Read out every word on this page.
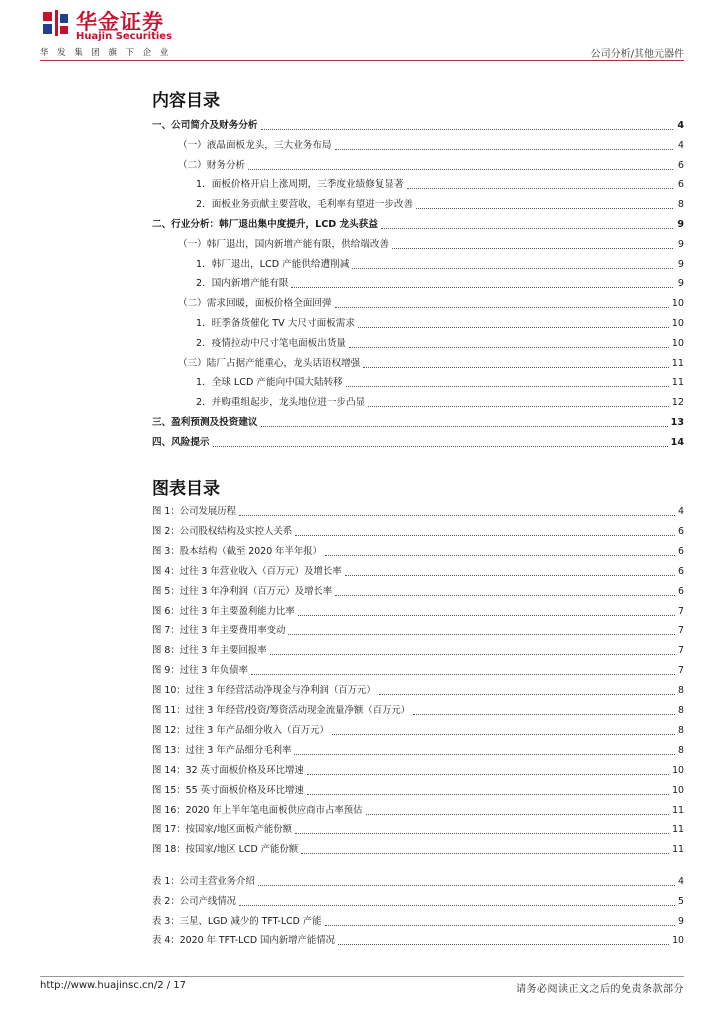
华金证券
Huajin Securities
华发集团旗下企业	公司分析/其他元器件
内容目录
一、公司简介及财务分析	4
（一）液晶面板龙头，三大业务布局	4
（二）财务分析	6
1．面板价格开启上涨周期，三季度业绩修复显著	6
2．面板业务贡献主要营收，毛利率有望进一步改善	8
二、行业分析：韩厂退出集中度提升，LCD 龙头获益	9
（一）韩厂退出，国内新增产能有限，供给端改善	9
1．韩厂退出，LCD 产能供给遭削减	9
2．国内新增产能有限	9
（二）需求回暖，面板价格全面回弹	10
1．旺季备货催化 TV 大尺寸面板需求	10
2．疫情拉动中尺寸笔电面板出货量	10
（三）陆厂占据产能重心，龙头话语权增强	11
1．全球 LCD 产能向中国大陆转移	11
2．并购重组起步，龙头地位进一步凸显	12
三、盈利预测及投资建议	13
四、风险提示	14
图表目录
图 1：公司发展历程	4
图 2：公司股权结构及实控人关系	6
图 3：股本结构（截至 2020 年半年报）	6
图 4：过往 3 年营业收入（百万元）及增长率	6
图 5：过往 3 年净利润（百万元）及增长率	6
图 6：过往 3 年主要盈利能力比率	7
图 7：过往 3 年主要费用率变动	7
图 8：过往 3 年主要回报率	7
图 9：过往 3 年负债率	7
图 10：过往 3 年经营活动净现金与净利润（百万元）	8
图 11：过往 3 年经营/投资/筹资活动现金流量净额（百万元）	8
图 12：过往 3 年产品细分收入（百万元）	8
图 13：过往 3 年产品细分毛利率	8
图 14：32 英寸面板价格及环比增速	10
图 15：55 英寸面板价格及环比增速	10
图 16：2020 年上半年笔电面板供应商市占率预估	11
图 17：按国家/地区面板产能份额	11
图 18：按国家/地区 LCD 产能份额	11
表 1：公司主营业务介绍	4
表 2：公司产线情况	5
表 3：三星、LGD 减少的 TFT-LCD 产能	9
表 4：2020 年 TFT-LCD 国内新增产能情况	10
http://www.huajinsc.cn/2 / 17	请务必阅读正文之后的免责条款部分
